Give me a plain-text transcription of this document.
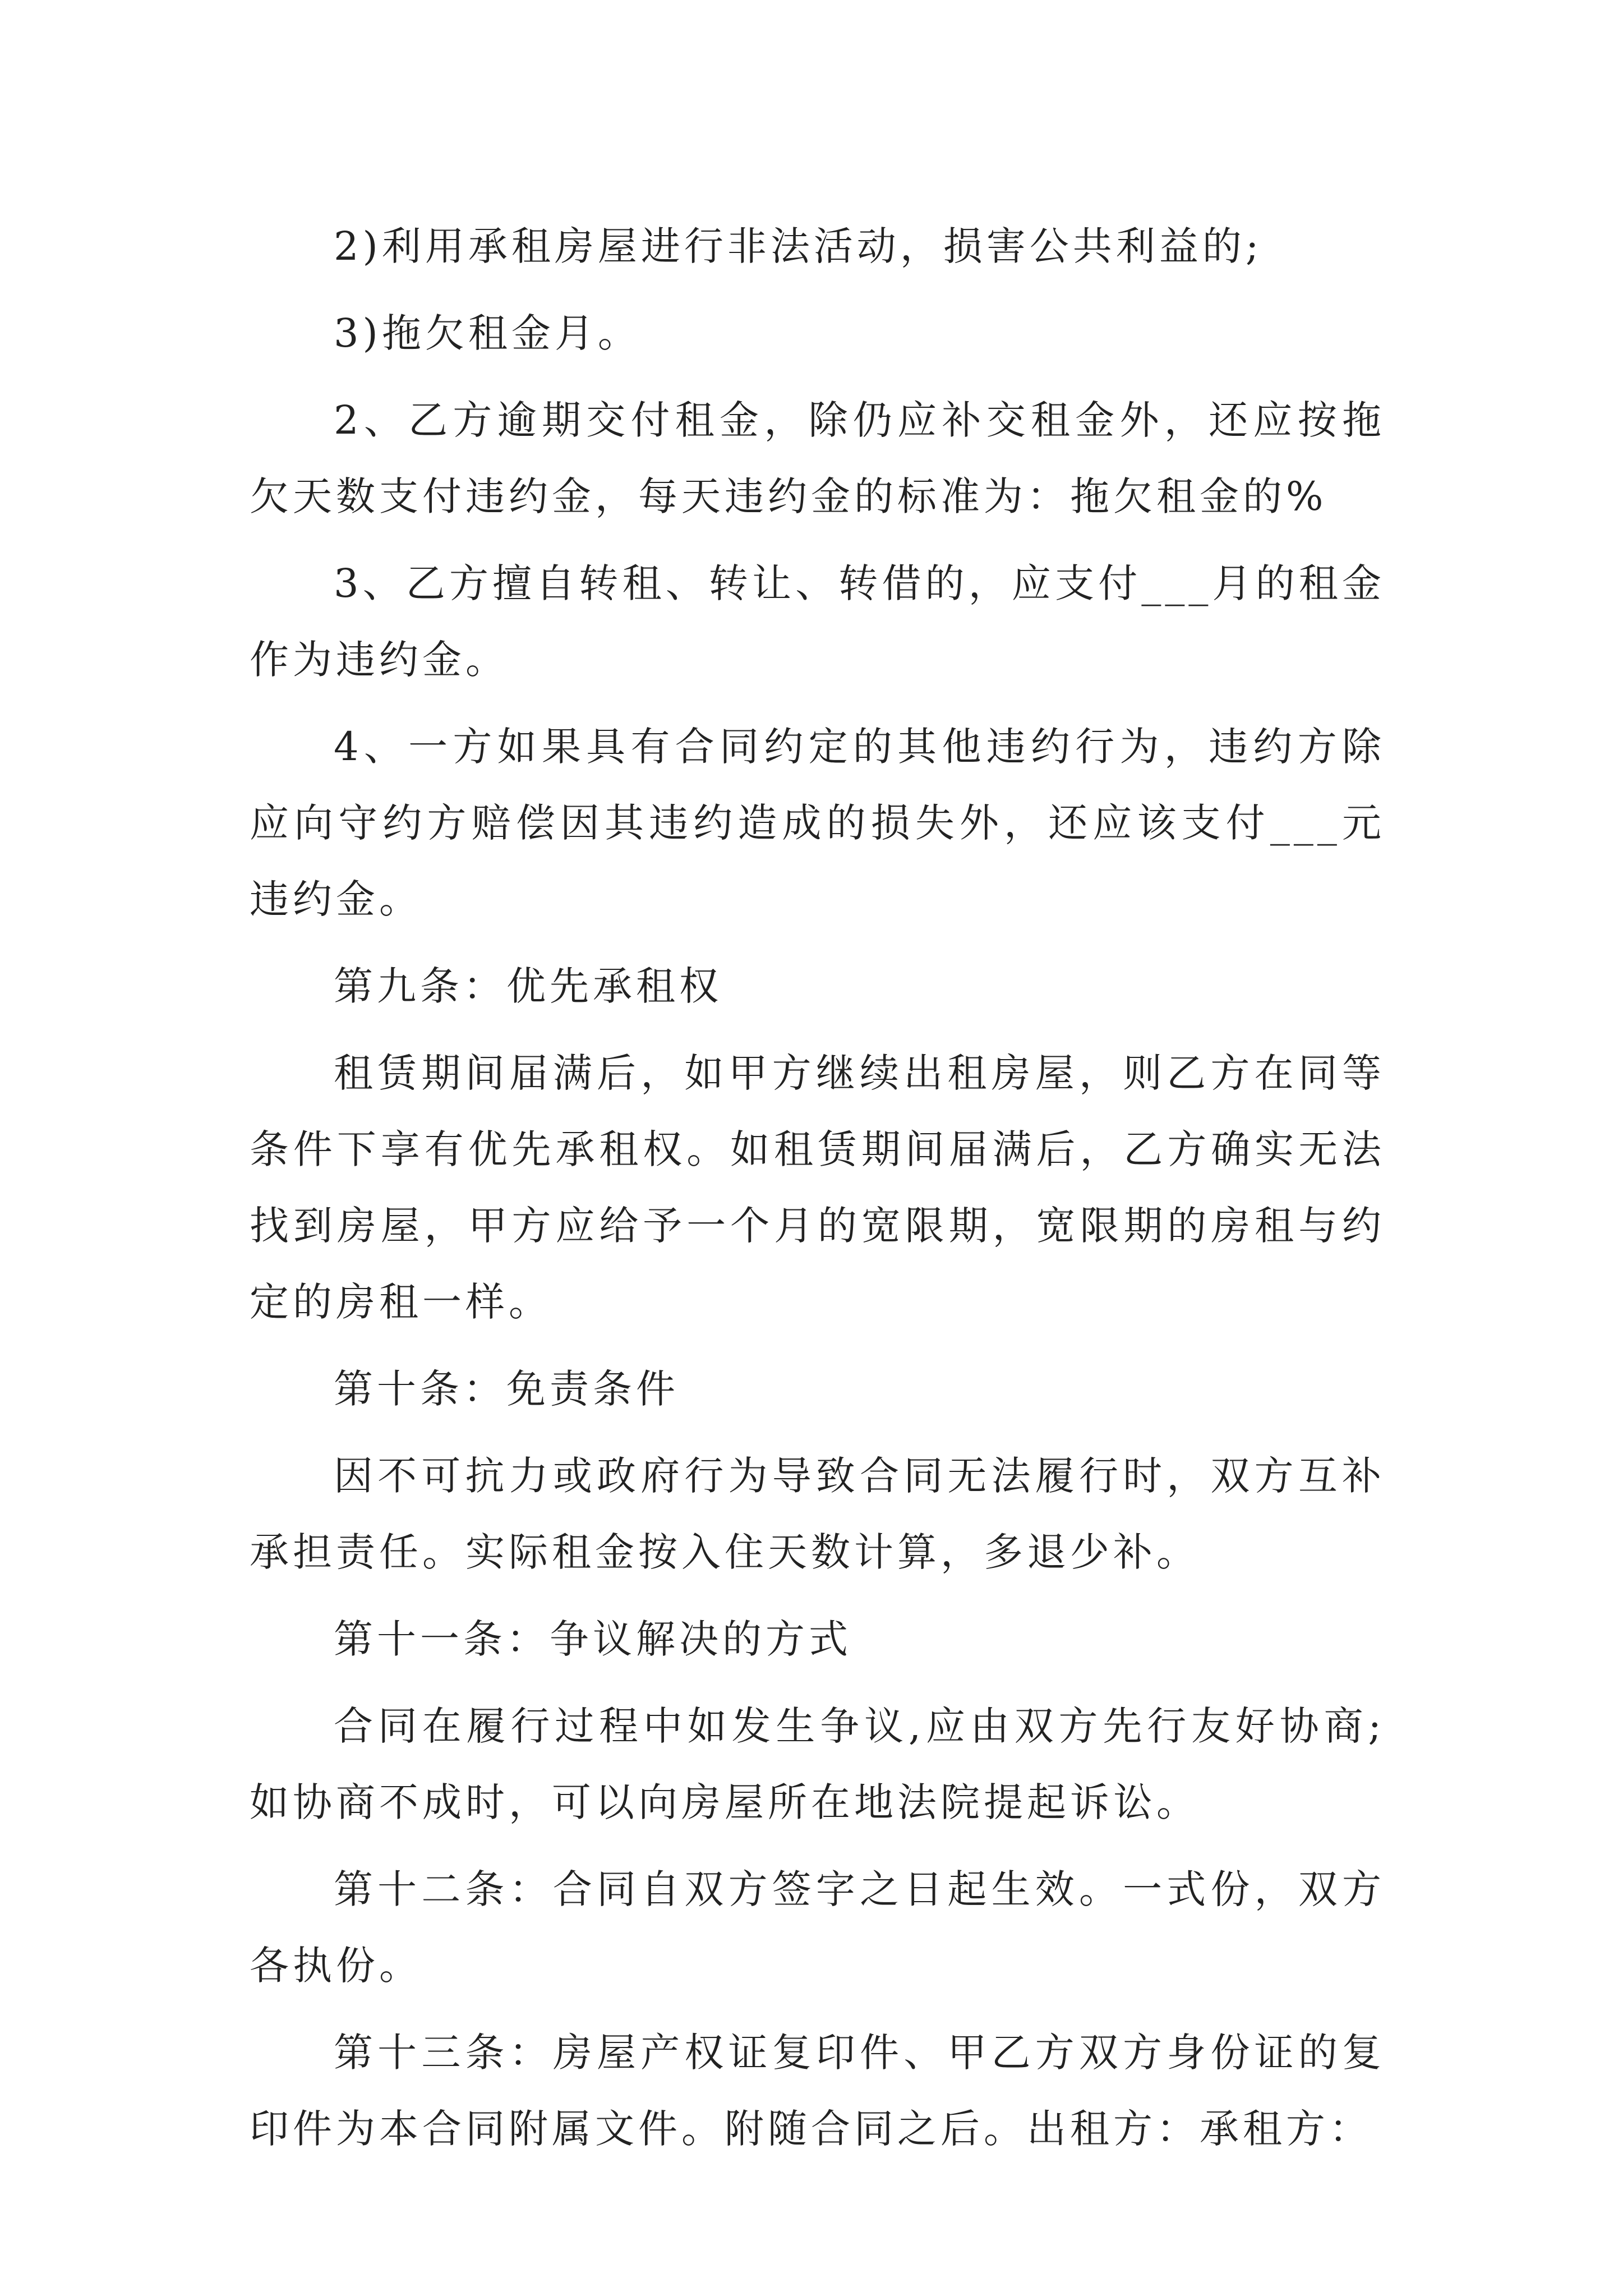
2)利用承租房屋进行非法活动，损害公共利益的;

3)拖欠租金月。

2、乙方逾期交付租金，除仍应补交租金外，还应按拖欠天数支付违约金，每天违约金的标准为：拖欠租金的%

3、乙方擅自转租、转让、转借的，应支付___月的租金作为违约金。

4、一方如果具有合同约定的其他违约行为，违约方除应向守约方赔偿因其违约造成的损失外，还应该支付___元违约金。

第九条：优先承租权

租赁期间届满后，如甲方继续出租房屋，则乙方在同等条件下享有优先承租权。如租赁期间届满后，乙方确实无法找到房屋，甲方应给予一个月的宽限期，宽限期的房租与约定的房租一样。

第十条：免责条件

因不可抗力或政府行为导致合同无法履行时，双方互补承担责任。实际租金按入住天数计算，多退少补。

第十一条：争议解决的方式

合同在履行过程中如发生争议,应由双方先行友好协商;如协商不成时，可以向房屋所在地法院提起诉讼。

第十二条：合同自双方签字之日起生效。一式份，双方各执份。

第十三条：房屋产权证复印件、甲乙方双方身份证的复印件为本合同附属文件。附随合同之后。出租方：承租方：
